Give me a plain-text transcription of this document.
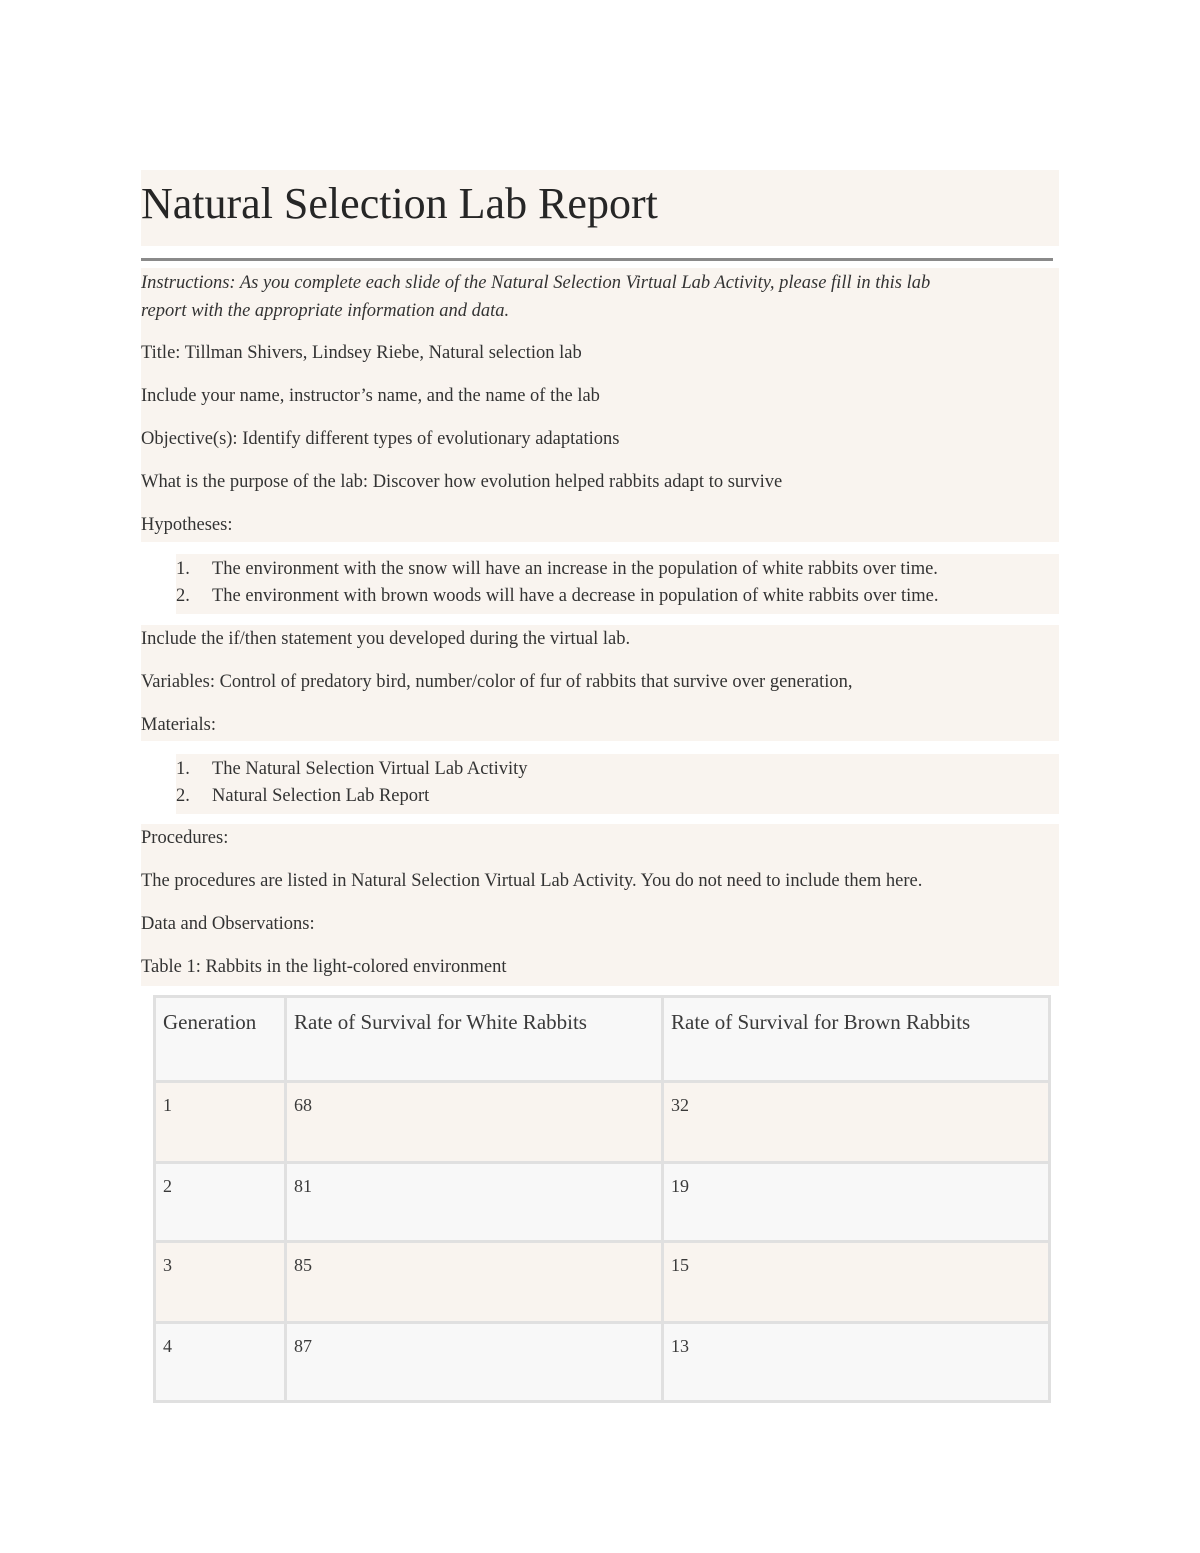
Natural Selection Lab Report
Instructions: As you complete each slide of the Natural Selection Virtual Lab Activity, please fill in this lab
report with the appropriate information and data.
Title: Tillman Shivers, Lindsey Riebe, Natural selection lab
Include your name, instructor’s name, and the name of the lab
Objective(s): Identify different types of evolutionary adaptations
What is the purpose of the lab: Discover how evolution helped rabbits adapt to survive
Hypotheses:
1. The environment with the snow will have an increase in the population of white rabbits over time.
2. The environment with brown woods will have a decrease in population of white rabbits over time.
Include the if/then statement you developed during the virtual lab.
Variables: Control of predatory bird, number/color of fur of rabbits that survive over generation,
Materials:
1. The Natural Selection Virtual Lab Activity
2. Natural Selection Lab Report
Procedures:
The procedures are listed in Natural Selection Virtual Lab Activity. You do not need to include them here.
Data and Observations:
Table 1: Rabbits in the light-colored environment
Generation	Rate of Survival for White Rabbits	Rate of Survival for Brown Rabbits
1	68	32
2	81	19
3	85	15
4	87	13
